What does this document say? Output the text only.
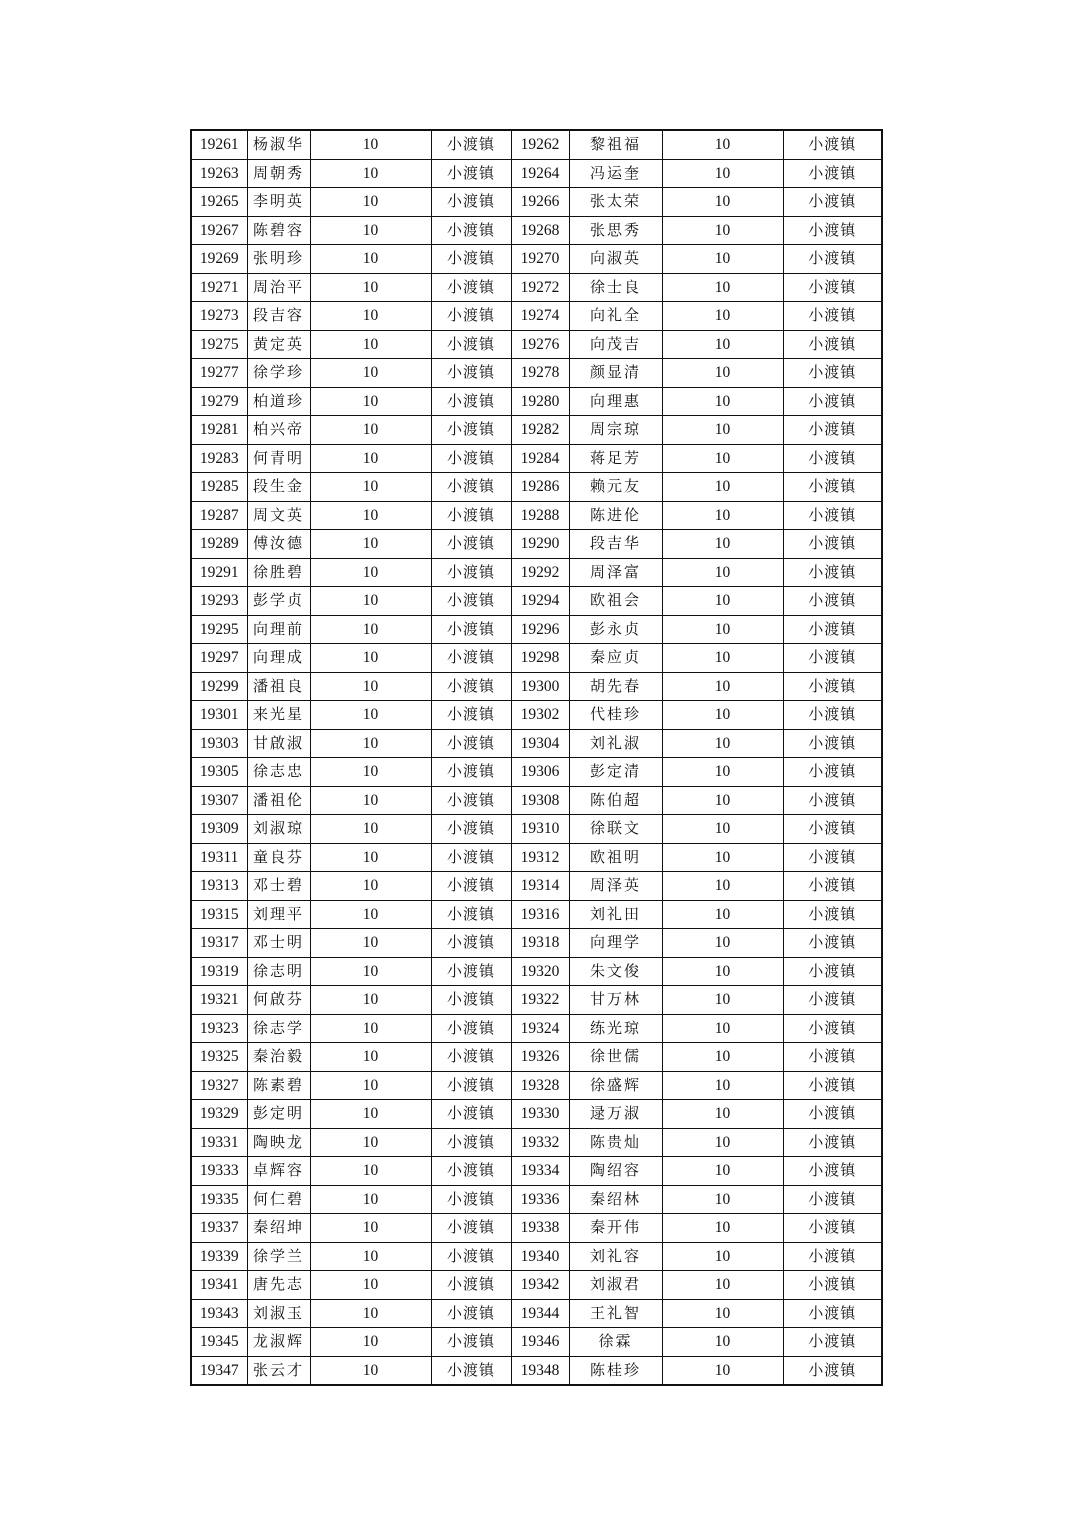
19261	杨淑华	10	小渡镇	19262	黎祖福	10	小渡镇
19263	周朝秀	10	小渡镇	19264	冯运奎	10	小渡镇
19265	李明英	10	小渡镇	19266	张太荣	10	小渡镇
19267	陈碧容	10	小渡镇	19268	张思秀	10	小渡镇
19269	张明珍	10	小渡镇	19270	向淑英	10	小渡镇
19271	周治平	10	小渡镇	19272	徐士良	10	小渡镇
19273	段吉容	10	小渡镇	19274	向礼全	10	小渡镇
19275	黄定英	10	小渡镇	19276	向茂吉	10	小渡镇
19277	徐学珍	10	小渡镇	19278	颜显清	10	小渡镇
19279	柏道珍	10	小渡镇	19280	向理惠	10	小渡镇
19281	柏兴帝	10	小渡镇	19282	周宗琼	10	小渡镇
19283	何青明	10	小渡镇	19284	蒋足芳	10	小渡镇
19285	段生金	10	小渡镇	19286	赖元友	10	小渡镇
19287	周文英	10	小渡镇	19288	陈进伦	10	小渡镇
19289	傅汝德	10	小渡镇	19290	段吉华	10	小渡镇
19291	徐胜碧	10	小渡镇	19292	周泽富	10	小渡镇
19293	彭学贞	10	小渡镇	19294	欧祖会	10	小渡镇
19295	向理前	10	小渡镇	19296	彭永贞	10	小渡镇
19297	向理成	10	小渡镇	19298	秦应贞	10	小渡镇
19299	潘祖良	10	小渡镇	19300	胡先春	10	小渡镇
19301	来光星	10	小渡镇	19302	代桂珍	10	小渡镇
19303	甘啟淑	10	小渡镇	19304	刘礼淑	10	小渡镇
19305	徐志忠	10	小渡镇	19306	彭定清	10	小渡镇
19307	潘祖伦	10	小渡镇	19308	陈伯超	10	小渡镇
19309	刘淑琼	10	小渡镇	19310	徐联文	10	小渡镇
19311	童良芬	10	小渡镇	19312	欧祖明	10	小渡镇
19313	邓士碧	10	小渡镇	19314	周泽英	10	小渡镇
19315	刘理平	10	小渡镇	19316	刘礼田	10	小渡镇
19317	邓士明	10	小渡镇	19318	向理学	10	小渡镇
19319	徐志明	10	小渡镇	19320	朱文俊	10	小渡镇
19321	何啟芬	10	小渡镇	19322	甘万林	10	小渡镇
19323	徐志学	10	小渡镇	19324	练光琼	10	小渡镇
19325	秦治毅	10	小渡镇	19326	徐世儒	10	小渡镇
19327	陈素碧	10	小渡镇	19328	徐盛辉	10	小渡镇
19329	彭定明	10	小渡镇	19330	逯万淑	10	小渡镇
19331	陶映龙	10	小渡镇	19332	陈贵灿	10	小渡镇
19333	卓辉容	10	小渡镇	19334	陶绍容	10	小渡镇
19335	何仁碧	10	小渡镇	19336	秦绍林	10	小渡镇
19337	秦绍坤	10	小渡镇	19338	秦开伟	10	小渡镇
19339	徐学兰	10	小渡镇	19340	刘礼容	10	小渡镇
19341	唐先志	10	小渡镇	19342	刘淑君	10	小渡镇
19343	刘淑玉	10	小渡镇	19344	王礼智	10	小渡镇
19345	龙淑辉	10	小渡镇	19346	徐霖	10	小渡镇
19347	张云才	10	小渡镇	19348	陈桂珍	10	小渡镇
